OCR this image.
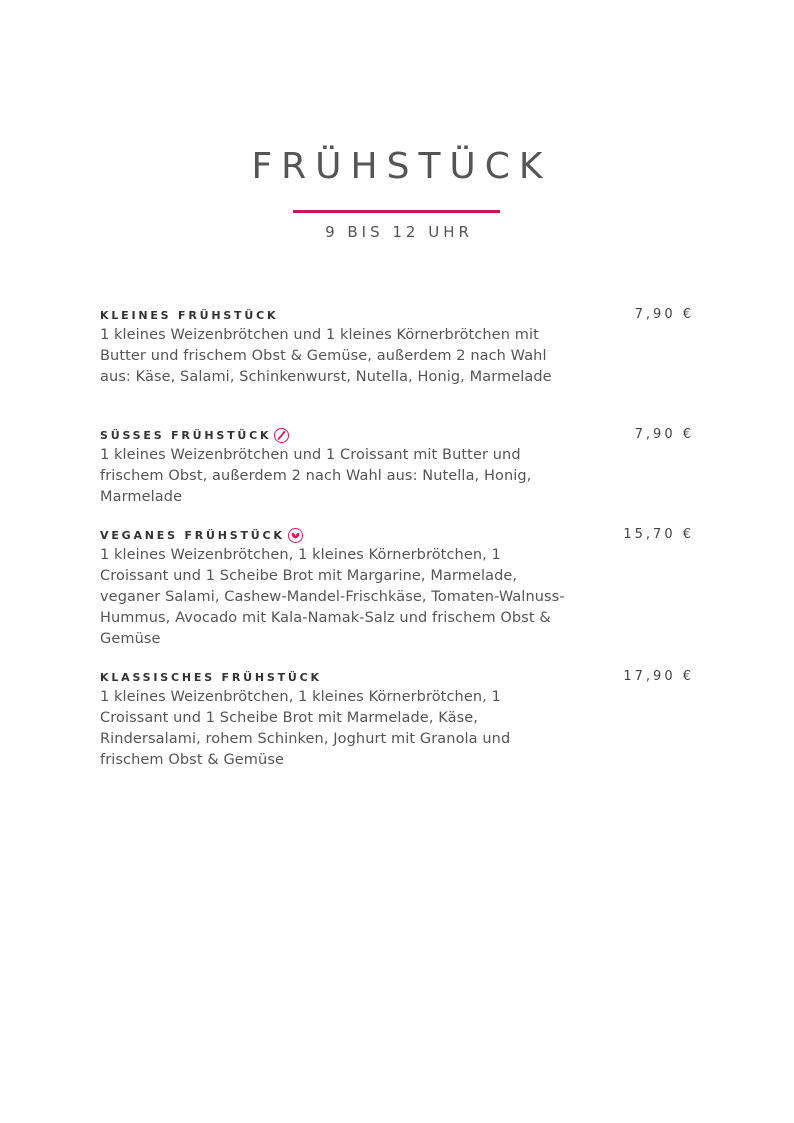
FRÜHSTÜCK
9 BIS 12 UHR
KLEINES FRÜHSTÜCK	7,90 €
1 kleines Weizenbrötchen und 1 kleines Körnerbrötchen mit Butter und frischem Obst & Gemüse, außerdem 2 nach Wahl aus: Käse, Salami, Schinkenwurst, Nutella, Honig, Marmelade
SÜSSES FRÜHSTÜCK	7,90 €
1 kleines Weizenbrötchen und 1 Croissant mit Butter und frischem Obst, außerdem 2 nach Wahl aus: Nutella, Honig, Marmelade
VEGANES FRÜHSTÜCK	15,70 €
1 kleines Weizenbrötchen, 1 kleines Körnerbrötchen, 1 Croissant und 1 Scheibe Brot mit Margarine, Marmelade, veganer Salami, Cashew-Mandel-Frischkäse, Tomaten-Walnuss-Hummus, Avocado mit Kala-Namak-Salz und frischem Obst & Gemüse
KLASSISCHES FRÜHSTÜCK	17,90 €
1 kleines Weizenbrötchen, 1 kleines Körnerbrötchen, 1 Croissant und 1 Scheibe Brot mit Marmelade, Käse, Rindersalami, rohem Schinken, Joghurt mit Granola und frischem Obst & Gemüse
